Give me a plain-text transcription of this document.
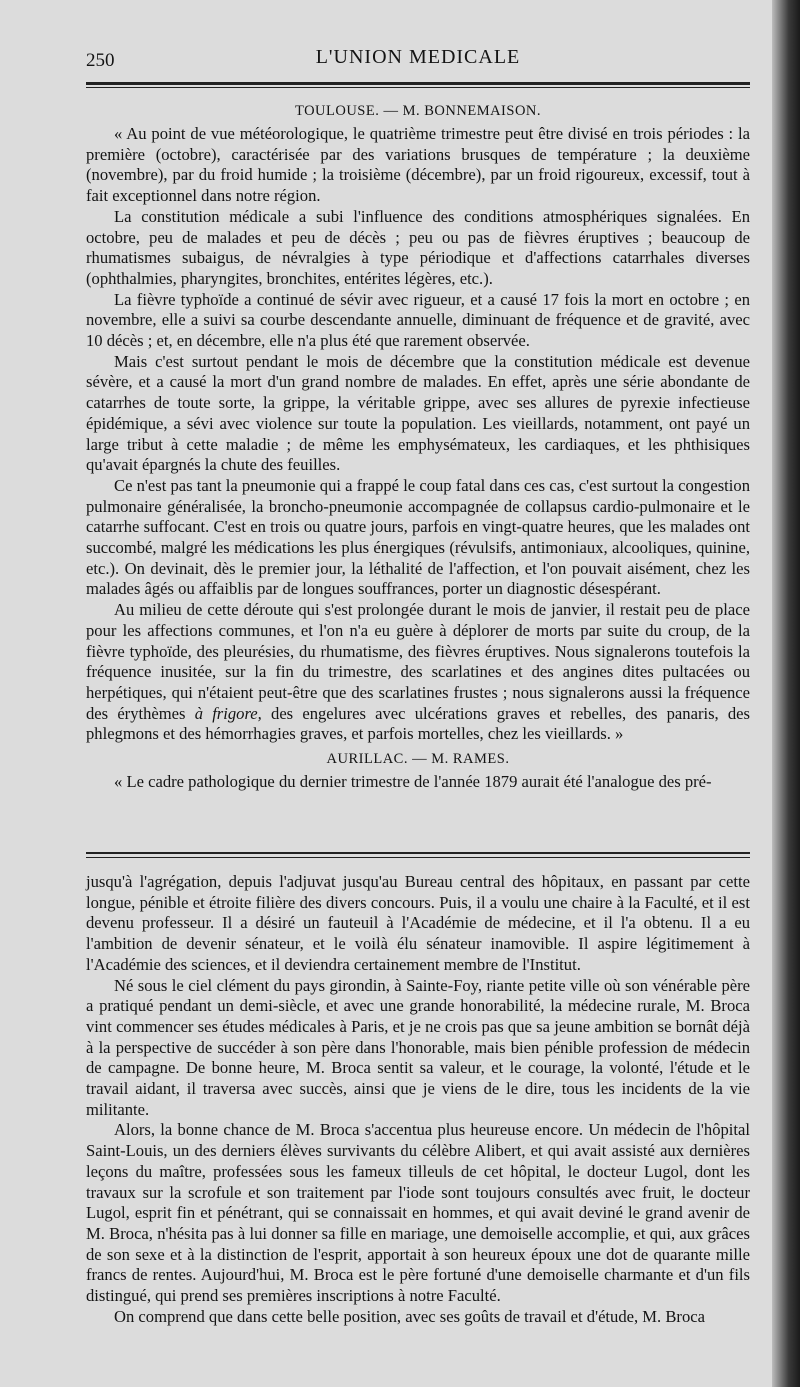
250	L'UNION MEDICALE
TOULOUSE. — M. BONNEMAISON.

« Au point de vue météorologique, le quatrième trimestre peut être divisé en trois périodes : la première (octobre), caractérisée par des variations brusques de température ; la deuxième (novembre), par du froid humide ; la troisième (décembre), par un froid rigoureux, excessif, tout à fait exceptionnel dans notre région.

La constitution médicale a subi l'influence des conditions atmosphériques signalées. En octobre, peu de malades et peu de décès ; peu ou pas de fièvres éruptives ; beaucoup de rhumatismes subaigus, de névralgies à type périodique et d'affections catarrhales diverses (ophthalmies, pharyngites, bronchites, entérites légères, etc.).

La fièvre typhoïde a continué de sévir avec rigueur, et a causé 17 fois la mort en octobre ; en novembre, elle a suivi sa courbe descendante annuelle, diminuant de fréquence et de gravité, avec 10 décès ; et, en décembre, elle n'a plus été que rarement observée.

Mais c'est surtout pendant le mois de décembre que la constitution médicale est devenue sévère, et a causé la mort d'un grand nombre de malades. En effet, après une série abondante de catarrhes de toute sorte, la grippe, la véritable grippe, avec ses allures de pyrexie infectieuse épidémique, a sévi avec violence sur toute la population. Les vieillards, notamment, ont payé un large tribut à cette maladie ; de même les emphysémateux, les cardiaques, et les phthisiques qu'avait épargnés la chute des feuilles.

Ce n'est pas tant la pneumonie qui a frappé le coup fatal dans ces cas, c'est surtout la congestion pulmonaire généralisée, la broncho-pneumonie accompagnée de collapsus cardio-pulmonaire et le catarrhe suffocant. C'est en trois ou quatre jours, parfois en vingt-quatre heures, que les malades ont succombé, malgré les médications les plus énergiques (révulsifs, antimoniaux, alcooliques, quinine, etc.). On devinait, dès le premier jour, la léthalité de l'affection, et l'on pouvait aisément, chez les malades âgés ou affaiblis par de longues souffrances, porter un diagnostic désespérant.

Au milieu de cette déroute qui s'est prolongée durant le mois de janvier, il restait peu de place pour les affections communes, et l'on n'a eu guère à déplorer de morts par suite du croup, de la fièvre typhoïde, des pleurésies, du rhumatisme, des fièvres éruptives. Nous signalerons toutefois la fréquence inusitée, sur la fin du trimestre, des scarlatines et des angines dites pultacées ou herpétiques, qui n'étaient peut-être que des scarlatines frustes ; nous signalerons aussi la fréquence des érythèmes à frigore, des engelures avec ulcérations graves et rebelles, des panaris, des phlegmons et des hémorrhagies graves, et parfois mortelles, chez les vieillards. »

AURILLAC. — M. RAMES.

« Le cadre pathologique du dernier trimestre de l'année 1879 aurait été l'analogue des pré-

jusqu'à l'agrégation, depuis l'adjuvat jusqu'au Bureau central des hôpitaux, en passant par cette longue, pénible et étroite filière des divers concours. Puis, il a voulu une chaire à la Faculté, et il est devenu professeur. Il a désiré un fauteuil à l'Académie de médecine, et il l'a obtenu. Il a eu l'ambition de devenir sénateur, et le voilà élu sénateur inamovible. Il aspire légitimement à l'Académie des sciences, et il deviendra certainement membre de l'Institut.

Né sous le ciel clément du pays girondin, à Sainte-Foy, riante petite ville où son vénérable père a pratiqué pendant un demi-siècle, et avec une grande honorabilité, la médecine rurale, M. Broca vint commencer ses études médicales à Paris, et je ne crois pas que sa jeune ambition se bornât déjà à la perspective de succéder à son père dans l'honorable, mais bien pénible profession de médecin de campagne. De bonne heure, M. Broca sentit sa valeur, et le courage, la volonté, l'étude et le travail aidant, il traversa avec succès, ainsi que je viens de le dire, tous les incidents de la vie militante.

Alors, la bonne chance de M. Broca s'accentua plus heureuse encore. Un médecin de l'hôpital Saint-Louis, un des derniers élèves survivants du célèbre Alibert, et qui avait assisté aux dernières leçons du maître, professées sous les fameux tilleuls de cet hôpital, le docteur Lugol, dont les travaux sur la scrofule et son traitement par l'iode sont toujours consultés avec fruit, le docteur Lugol, esprit fin et pénétrant, qui se connaissait en hommes, et qui avait deviné le grand avenir de M. Broca, n'hésita pas à lui donner sa fille en mariage, une demoiselle accomplie, et qui, aux grâces de son sexe et à la distinction de l'esprit, apportait à son heureux époux une dot de quarante mille francs de rentes. Aujourd'hui, M. Broca est le père fortuné d'une demoiselle charmante et d'un fils distingué, qui prend ses premières inscriptions à notre Faculté.

On comprend que dans cette belle position, avec ses goûts de travail et d'étude, M. Broca
